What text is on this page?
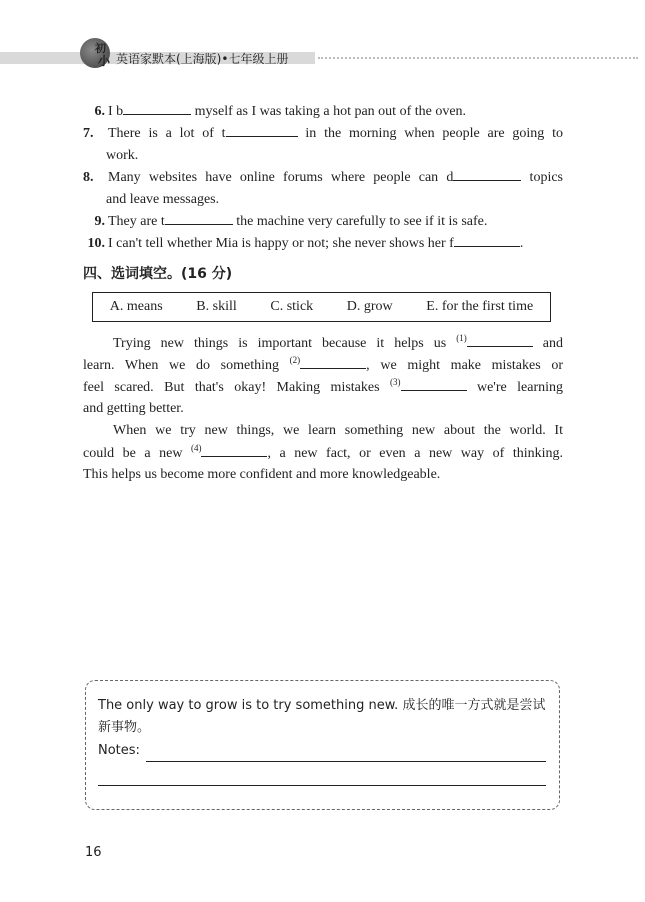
初
小 英语家默本(上海版)•七年级上册
6. I b	myself as I was taking a hot pan out of the oven.
7. There is a lot of t	in the morning when people are going to
work.
8. Many websites have online forums where people can d	topics
and leave messages.
9. They are t	the machine very carefully to see if it is safe.
10. I can't tell whether Mia is happy or not; she never shows her f	.
四、选词填空。(16 分)
A. means B. skill C. stick D. grow E. for the first time
Trying new things is important because it helps us $^{(1)}$	and
learn. When we do something $^{(2)}$	, we might make mistakes or
feel scared. But that's okay! Making mistakes $^{(3)}$	we're learning
and getting better.
When we try new things, we learn something new about the world. It
could be a new $^{(4)}$	, a new fact, or even a new way of thinking.
This helps us become more confident and more knowledgeable.
The only way to grow is to try something new. 成长的唯一方式就是尝试新事物。
Notes:
16
